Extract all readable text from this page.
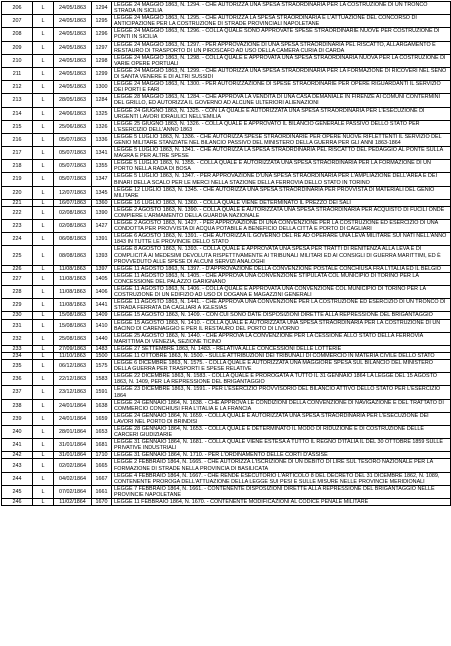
206	L	24/05/1863	1294	LEGGE 24 MAGGIO 1863, N. 1294. - CHE AUTORIZZA UNA SPESA STRAORDINARIA PER LA COSTRUZIONE DI UN TRONCO STRADA IN SICILIA
207	L	24/05/1863	1295	LEGGE 24 MAGGIO 1863, N. 1295. - CHE AUTORIZZA LA SPESA STRAORDINARIA E L'ATTUAZIONE DEL CONCORSO DI ANTICIPAZIONE PER LA COSTRUZIONE DI STRADE PROVINCIALI NAPOLETANE
208	L	24/05/1863	1296	LEGGE 24 MAGGIO 1863, N. 1296. - COLLA QUALE SONO APPROVATE SPESE STRAORDINARIE NUOVE PER COSTRUZIONE DI PONTI IN SICILIA
209	L	24/05/1863	1297	LEGGE 24 MAGGIO 1863, N. 1297. - PER APPROVAZIONE DI UNA SPESA STRAORDINARIA PEL RISCATTO, ALLARGAMENTO E RESTAURO DI TRASPORTO DI UN PIROSCAFO AD USO DELLA CAMERA CURIA DI CARDA
210	L	24/05/1863	1298	LEGGE 24 MAGGIO 1863, N. 1298. - COLLA QUALE È APPROVATA UNA SPESA STRAORDINARIA NUOVA PER LA COSTRUZIONE DI VARIE OPERE PORTUALI
211	L	24/05/1863	1299	LEGGE 24 MAGGIO 1863, N. 1299. - CHE AUTORIZZA UNA SPESA STRAORDINARIA PER LA FORMAZIONE DI RICOVERI NEL SENO DI SANTA VENERE E DI ALTRI SUSSIDI
212	L	24/05/1863	1300	LEGGE 24 MAGGIO 1863, N. 1300. - PER AUTORIZZAZIONE DI SPESE STRAORDINARIE PER OPERE RIGUARDANTI IL SERVIZIO DEI PORTI E FARI
213	L	28/05/1863	1284	LEGGE 28 MAGGIO 1863, N. 1284. - CHE APPROVA LA VENDITA DI UNA CASA DEMANIALE IN FIRENZE AI COMUNI CONTERMINI DEL GRILLO, ED AUTORIZZA IL GOVERNO AD ALCUNE ULTERIORI ALIENAZIONI
214	L	24/06/1863	1325	LEGGE 24 GIUGNO 1863, N. 1325. - CON LA QUALE È AUTORIZZATA UNA SPESA STRAORDINARIA PER L'ESECUZIONE DI URGENTI LAVORI IDRAULICI NELL'EMILIA
215	L	25/06/1863	1326	LEGGE 25 GIUGNO 1863, N. 1326. - COLLA QUALE È APPROVATO IL BILANCIO GENERALE PASSIVO DELLO STATO PER L'ESERCIZIO DELL'ANNO 1863
216	L	05/07/1863	1336	LEGGE 5 LUGLIO 1863, N. 1336. - CHE AUTORIZZA SPESE STRAORDINARIE PER OPERE NUOVE RIFLETTENTI IL SERVIZIO DEL GENIO MILITARE STANZIATE NEL BILANCIO PASSIVO DEL MINISTERO DELLA GUERRA PER GLI ANNI 1863-1864
217	L	05/07/1863	1341	LEGGE 5 LUGLIO 1863, N. 1341. - CHE AUTORIZZA LA SPESA STRAORDINARIA PEL RISCATTO DEL PEDAGGIO AL PONTE SULLA MAGRA E PER ALTRE SPESE
218	L	05/07/1863	1355	LEGGE 5 LUGLIO 1863, N. 1355. - COLLA QUALE È AUTORIZZATA UNA SPESA STRAORDINARIA PER LA FORMAZIONE DI UN PORTO NELLA RADA DI BOSA
219	L	05/07/1863	1347	LEGGE 5 LUGLIO 1863, N. 1347. - PER APPROVAZIONE D'UNA SPESA STRAORDINARIA PER L'AMPLIAZIONE DELL'AREA E DEI BINARI DELLA SCALO PER LE MERCI NELLA STAZIONE DELLA FERROVIA DELLO STATO IN TORINO
220	L	12/07/1863	1345	LEGGE 12 LUGLIO 1863, N. 1345. - CHE AUTORIZZA UNA SPESA STRAORDINARIA PER PROVVISTA DI MATERIALI DEL GENIO MILITARE
221	L	16/07/1863	1360	LEGGE 16 LUGLIO 1863, N. 1360. - COLLA QUALE VIENE DETERMINATO IL PREZZO DEI SALI
222	L	02/08/1863	1390	LEGGE 2 AGOSTO 1863, N. 1390. - COLLA QUALE È AUTORIZZATA UNA SPESA STRAORDINARIA PER ACQUISTO DI FUCILI ONDE COMPIERE L'ARMAMENTO DELLA GUARDIA NAZIONALE
223	L	02/08/1863	1427	LEGGE 2 AGOSTO 1863, N. 1427. - PER APPROVAZIONE DI UNA CONVENZIONE PER LA COSTRUZIONE ED ESERCIZIO DI UNA CONDOTTA PER PROVVISTA DI ACQUA POTABILE A BENEFICIO DELLA CITTÀ E PORTO DI CAGLIARI
224	L	06/08/1863	1391	LEGGE 6 AGOSTO 1863, N. 1391. - CHE AUTORIZZA IL GOVERNO DEL RE AD OPERARE UNA LEVA MILITARE SUI NATI NELL'ANNO 1843 IN TUTTE LE PROVINCIE DELLO STATO
225	L	08/08/1863	1393	LEGGE 8 AGOSTO 1863, N. 1393. - COLLA QUALE È APPROVATA UNA SPESA PER TRATTI DI RENITENZA ALLA LEVA E DI COMPLICITÀ AI MEDESIMI DEVOLUTA RISPETTIVAMENTE AI TRIBUNALI MILITARI ED AI CONSIGLI DI GUERRA MARITTIMI, ED È PROVVEDUTO ALLE SPESE DI ALCUNI SERVIZI ANALOGHI
226	L	11/08/1863	1397	LEGGE 11 AGOSTO 1863, N. 1397. - D'APPROVAZIONE DELLA CONVENZIONE POSTALE CONCHIUSA FRA L'ITALIA ED IL BELGIO
227	L	11/08/1863	1405	LEGGE 11 AGOSTO 1863, N. 1405. - CHE APPROVA UNA CONVENZIONE STIPULATA COL MUNICIPIO DI TORINO PER LA CONCESSIONE DEL PALAZZO GARIGNANO
228	L	11/08/1863	1406	LEGGE 11 AGOSTO 1863, N. 1406. - COLLA QUALE È APPROVATA UNA CONVENZIONE COL MUNICIPIO DI TORINO PER LA COSTRUZIONE DI UN EDIFIZIO AD USO DI DOGANA E MAGAZZINI GENERALI
229	L	11/08/1863	1441	LEGGE 11 AGOSTO 1863, N. 1441. - CHE APPROVA UNA CONVENZIONE PER LA COSTRUZIONE ED ESERCIZIO DI UN TRONCO DI STRADA FERRATA DA CAGLIARI A IGLESIAS
230	L	15/08/1863	1409	LEGGE 15 AGOSTO 1863, N. 1409. - CON CUI SONO DATE DISPOSIZIONI DIRETTE ALLA REPRESSIONE DEL BRIGANTAGGIO
231	L	15/08/1863	1410	LEGGE 15 AGOSTO 1863, N. 1410. - COLLA QUALE È AUTORIZZATA UNA SPESA STRAORDINARIA PER LA COSTRUZIONE DI UN BACINO DI CARENAGGIO E PER IL RESTAURO DEL PORTO DI LIVORNO
232	L	25/08/1863	1440	LEGGE 25 AGOSTO 1863, N. 1440. - CHE APPROVA LA CONVENZIONE PER LA CESSIONE ALLO STATO DELLA FERROVIA MARITTIMA DI VENEZIA, SEZIONE TICINO
233	L	27/09/1863	1483	LEGGE 27 SETTEMBRE 1863, N. 1483. - RELATIVA ALLE CONCESSIONI DELLE LOTTERIE
234	L	11/10/1863	1500	LEGGE 11 OTTOBRE 1863, N. 1500. - SULLE ATTRIBUZIONI DEI TRIBUNALI DI COMMERCIO IN MATERIA CIVILE DELLO STATO
235	L	06/12/1863	1575	LEGGE 6 DICEMBRE 1863, N. 1575. - COLLA QUALE È AUTORIZZATA UNA MAGGIORE SPESA SUL BILANCIO DEL MINISTERO DELLA GUERRA PER TRASPORTI E SPESE RELATIVE
236	L	22/12/1863	1583	LEGGE 22 DICEMBRE 1863, N. 1583. - COLLA QUALE È PROROGATA A TUTTO IL 31 GENNAIO 1864 LA LEGGE DEL 15 AGOSTO 1863, N. 1409, PER LA REPRESSIONE DEL BRIGANTAGGIO
237	L	23/12/1863	1591	LEGGE 23 DICEMBRE 1863, N. 1591. - PER L'ESERCIZIO PROVVISORIO DEL BILANCIO ATTIVO DELLO STATO PER L'ESERCIZIO 1864
238	L	24/01/1864	1638	LEGGE 24 GENNAIO 1864, N. 1638. - CHE APPROVA LE CONDIZIONI DELLA CONVENZIONE DI NAVIGAZIONE E DEL TRATTATO DI COMMERCIO CONCHIUSI FRA L'ITALIA E LA FRANCIA
239	L	24/01/1864	1659	LEGGE 24 GENNAIO 1864, N. 1659. - COLLA QUALE È AUTORIZZATA UNA SPESA STRAORDINARIA PER L'ESECUZIONE DEI LAVORI NEL PORTO DI BRINDISI
240	L	28/01/1864	1653	LEGGE 28 GENNAIO 1864, N. 1653. - COLLA QUALE È DETERMINATO IL MODO DI RIDUZIONE E DI COSTRUZIONE DELLE CARCERI GIUDIZIARIE
241	L	31/01/1864	1681	LEGGE 31 GENNAIO 1864, N. 1681. - COLLA QUALE VIENE ESTESA A TUTTO IL REGNO D'ITALIA IL DEL 30 OTTOBRE 1859 SULLE PRIVATIVE INDUSTRIALI
242	L	31/01/1864	1710	LEGGE 31 GENNAIO 1864, N. 1710. - PER L'ORDINAMENTO DELLE CORTI D'ASSISE
243	L	02/02/1864	1665	LEGGE 2 FEBBRAIO 1864, N. 1665. - CHE AUTORIZZA L'ISCRIZIONE DI UN DEBITO DI LIRE SUL TESORO NAZIONALE PER LA FORMAZIONE DI STRADE NELLA PROVINCIA DI BASILICATA
244	L	04/02/1864	1667	LEGGE 4 FEBBRAIO 1864, N. 1667. - CHE RENDE ESECUTORIO L'ARTICOLO 8 DEL DECRETO DEL 31 DICEMBRE 1862, N. 1089, CONTENENTE PROROGA DELL'ATTUAZIONE DELLA LEGGE SUI PESI E SULLE MISURE NELLE PROVINCIE MERIDIONALI
245	L	07/02/1864	1661	LEGGE 7 FEBBRAIO 1864, N. 1661. - CONTENENTE DISPOSIZIONI DIRETTE ALLA REPRESSIONE DEL BRIGANTAGGIO NELLE PROVINCIE NAPOLETANE
246	L	11/02/1864	1670	LEGGE 11 FEBBRAIO 1864, N. 1670. - CONTENENTE MODIFICAZIONI AL CODICE PENALE MILITARE
